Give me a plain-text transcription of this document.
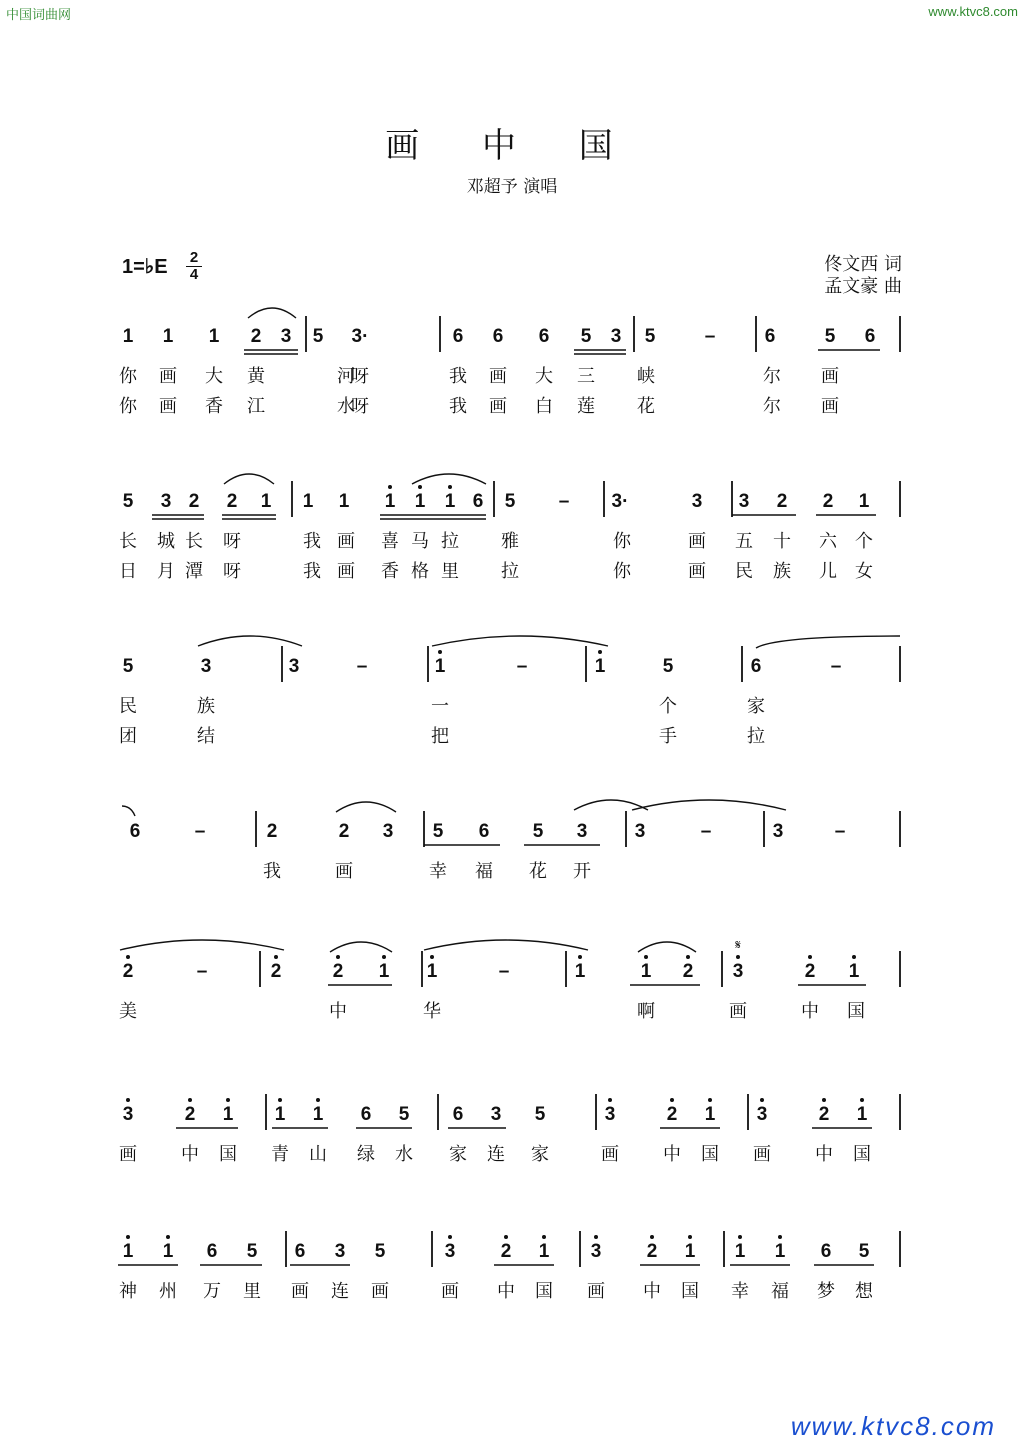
中国词曲网	www.ktvc8.com
画 中 国
邓超予 演唱
1=♭E 2
4	佟文西 词
孟文豪 曲
1 1 1 2 3 5 3·	6 6 6 5 3 5	–	6	5 6
你 画 大 黄	河
呀	我 画 大 三 峡	尔 画
你 画 香 江	水
呀	我 画 白 莲 花	尔 画
5 3 2 2 1 1 1 1 1 1 6 5 – 3·	3 3 2 2 1
长 城 长 呀	我 画 喜 马 拉 雅	你	画 五 十 六 个
日 月 潭 呀	我 画 香 格 里 拉	你	画 民 族 儿 女
5	3	3	–	1	–	1	5	6	–
民	族	一	个	家
团	结	把	手	拉
6	–	2	2 3 5 6 5 3 3	–	3	–
我	画	幸 福 花 开
2	–	2	2 1 1	–	1	1 2 3	2 1
𝄋
美	中	华	啊	画	中 国
3	2 1 1 1 6 5 6 3 5	3	2 1 3	2 1
画 中 国 青 山 绿 水 家 连 家	画 中 国 画 中 国
1 1 6 5 6 3 5	3 2 1 3 2 1 1 1 6 5
神 州 万 里 画 连 画	画 中 国 画 中 国 幸 福 梦 想
www.ktvc8.com
